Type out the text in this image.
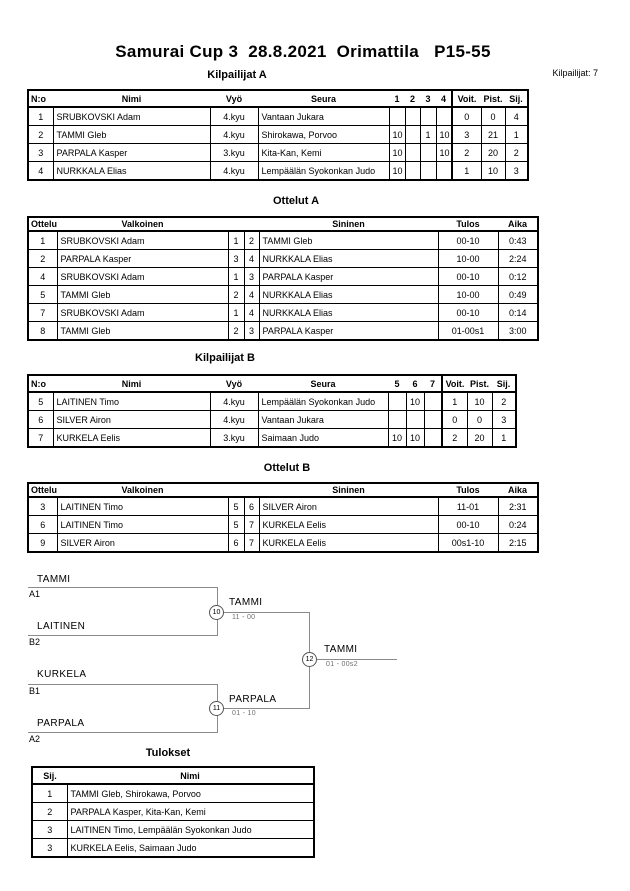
Samurai Cup 3  28.8.2021  Orimattila   P15-55
Kilpailijat: 7
Kilpailijat A
N:o	Nimi	Vyö	Seura	1	2	3	4	Voit.	Pist.	Sij.
1	SRUBKOVSKI Adam	4.kyu	Vantaan Jukara					0	0	4
2	TAMMI Gleb	4.kyu	Shirokawa, Porvoo	10		1	10	3	21	1
3	PARPALA Kasper	3.kyu	Kita-Kan, Kemi	10			10	2	20	2
4	NURKKALA Elias	4.kyu	Lempäälän Syokonkan Judo	10				1	10	3
Ottelut A
Ottelu	Valkoinen			Sininen	Tulos	Aika
1	SRUBKOVSKI Adam	1	2	TAMMI Gleb	00-10	0:43
2	PARPALA Kasper	3	4	NURKKALA Elias	10-00	2:24
4	SRUBKOVSKI Adam	1	3	PARPALA Kasper	00-10	0:12
5	TAMMI Gleb	2	4	NURKKALA Elias	10-00	0:49
7	SRUBKOVSKI Adam	1	4	NURKKALA Elias	00-10	0:14
8	TAMMI Gleb	2	3	PARPALA Kasper	01-00s1	3:00
Kilpailijat B
N:o	Nimi	Vyö	Seura	5	6	7	Voit.	Pist.	Sij.
5	LAITINEN Timo	4.kyu	Lempäälän Syokonkan Judo		10		1	10	2
6	SILVER Airon	4.kyu	Vantaan Jukara				0	0	3
7	KURKELA Eelis	3.kyu	Saimaan Judo	10	10		2	20	1
Ottelut B
Ottelu	Valkoinen			Sininen	Tulos	Aika
3	LAITINEN Timo	5	6	SILVER Airon	11-01	2:31
6	LAITINEN Timo	5	7	KURKELA Eelis	00-10	0:24
9	SILVER Airon	6	7	KURKELA Eelis	00s1-10	2:15
TAMMI
A1
LAITINEN
B2
KURKELA
B1
PARPALA
A2
10
TAMMI
11 - 00
11
PARPALA
01 - 10
12
TAMMI
01 - 00s2
Tulokset
Sij.	Nimi
1	TAMMI Gleb, Shirokawa, Porvoo
2	PARPALA Kasper, Kita-Kan, Kemi
3	LAITINEN Timo, Lempäälän Syokonkan Judo
3	KURKELA Eelis, Saimaan Judo
